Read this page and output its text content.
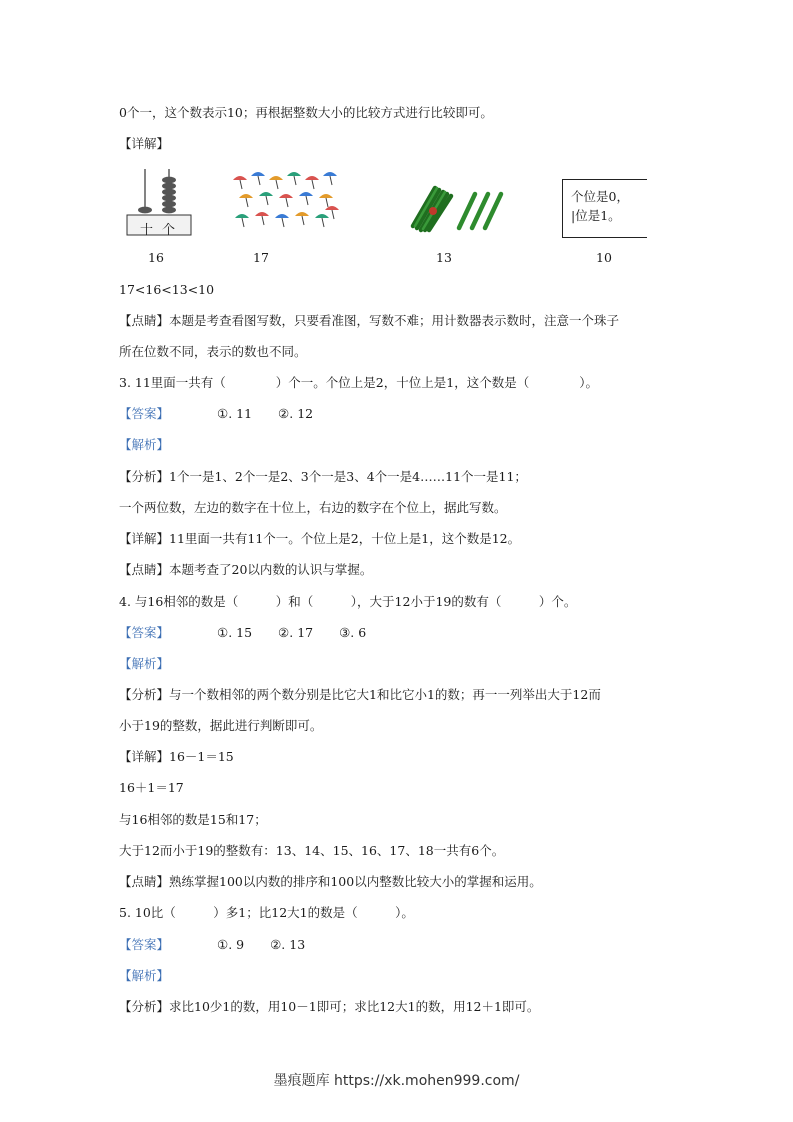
0个一，这个数表示10；再根据整数大小的比较方式进行比较即可。
【详解】
十 个
16	17	13
个位是0，
|位是1。
10
17<16<13<10
【点睛】本题是考查看图写数，只要看准图，写数不难；用计数器表示数时，注意一个珠子
所在位数不同，表示的数也不同。
3. 11里面一共有（　　　　）个一。个位上是2，十位上是1，这个数是（　　　　）。
【答案】	①. 11 ②. 12
【解析】
【分析】1个一是1、2个一是2、3个一是3、4个一是4……11个一是11；
一个两位数，左边的数字在十位上，右边的数字在个位上，据此写数。
【详解】11里面一共有11个一。个位上是2，十位上是1，这个数是12。
【点睛】本题考查了20以内数的认识与掌握。
4. 与16相邻的数是（　　　）和（　　　），大于12小于19的数有（　　　）个。
【答案】	①. 15 ②. 17 ③. 6
【解析】
【分析】与一个数相邻的两个数分别是比它大1和比它小1的数；再一一列举出大于12而
小于19的整数，据此进行判断即可。
【详解】16－1＝15
16＋1＝17
与16相邻的数是15和17；
大于12而小于19的整数有：13、14、15、16、17、18一共有6个。
【点睛】熟练掌握100以内数的排序和100以内整数比较大小的掌握和运用。
5. 10比（　　　）多1；比12大1的数是（　　　）。
【答案】	①. 9 ②. 13
【解析】
【分析】求比10少1的数，用10－1即可；求比12大1的数，用12＋1即可。
墨痕题库 https://xk.mohen999.com/
